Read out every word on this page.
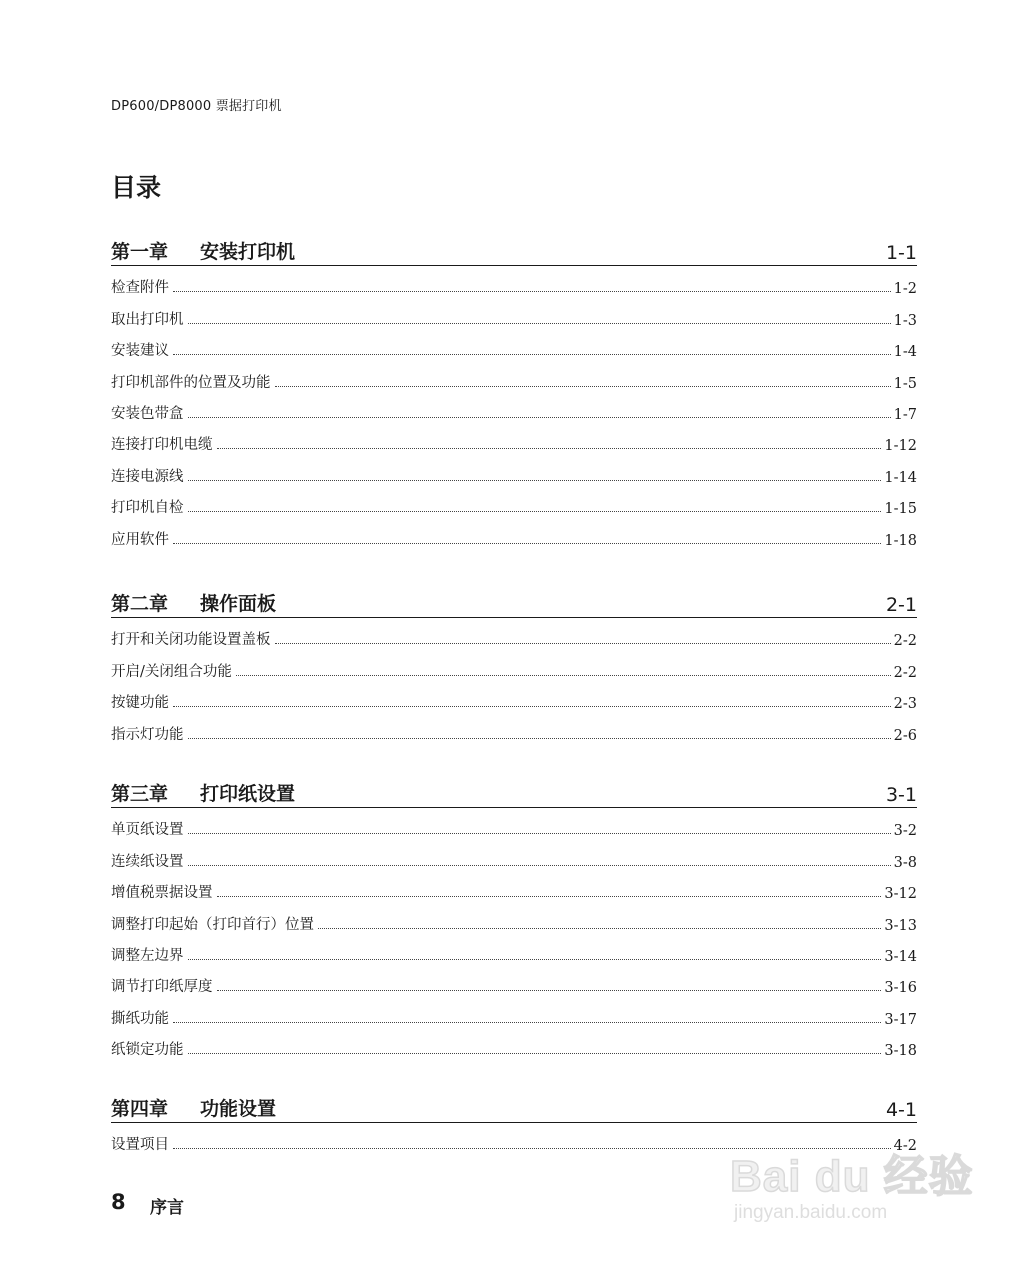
DP600/DP8000 票据打印机
目录
第一章 安装打印机	1-1
检查附件	1-2
取出打印机	1-3
安装建议	1-4
打印机部件的位置及功能	1-5
安装色带盒	1-7
连接打印机电缆	1-12
连接电源线	1-14
打印机自检	1-15
应用软件	1-18
第二章 操作面板	2-1
打开和关闭功能设置盖板	2-2
开启/关闭组合功能	2-2
按键功能	2-3
指示灯功能	2-6
第三章 打印纸设置	3-1
单页纸设置	3-2
连续纸设置	3-8
增值税票据设置	3-12
调整打印起始（打印首行）位置	3-13
调整左边界	3-14
调节打印纸厚度	3-16
撕纸功能	3-17
纸锁定功能	3-18
第四章 功能设置	4-1
设置项目	4-2
8 序言
Bai du 经验
jingyan.baidu.com
